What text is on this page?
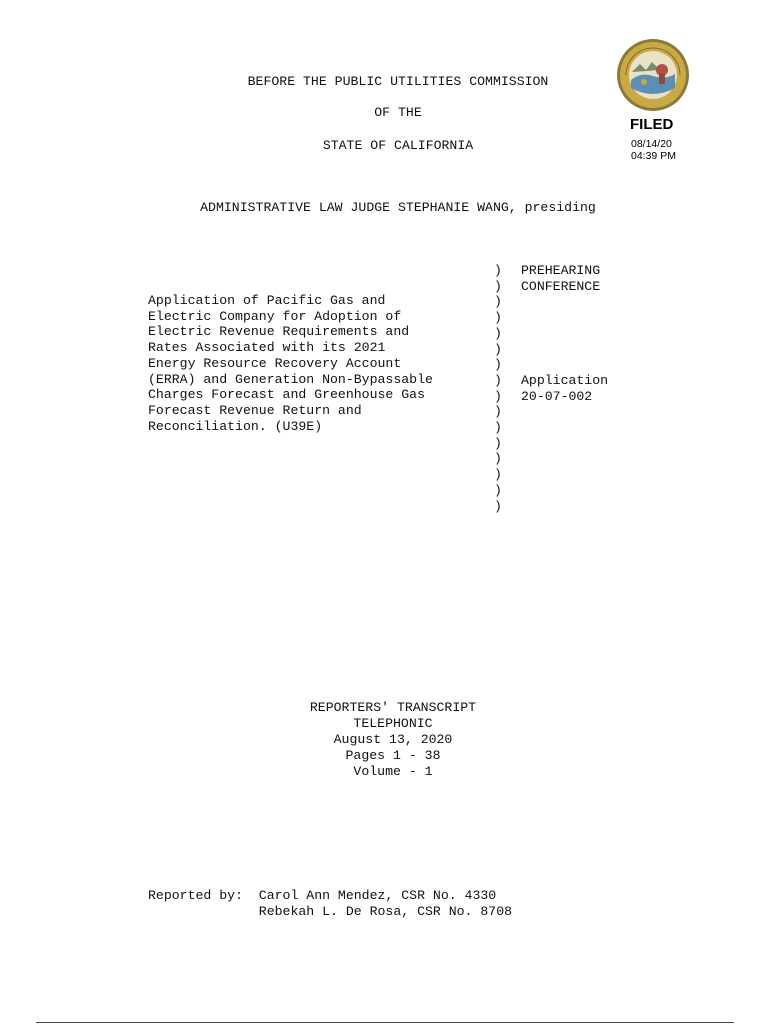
BEFORE THE PUBLIC UTILITIES COMMISSION
OF THE
STATE OF CALIFORNIA
FILED
08/14/20
04:39 PM
ADMINISTRATIVE LAW JUDGE STEPHANIE WANG, presiding
Application of Pacific Gas and
Electric Company for Adoption of
Electric Revenue Requirements and
Rates Associated with its 2021
Energy Resource Recovery Account
(ERRA) and Generation Non-Bypassable
Charges Forecast and Greenhouse Gas
Forecast Revenue Return and
Reconciliation. (U39E)
)
)
)
)
)
)
)
)
)
)
)
)
)
)
)
)
PREHEARING
CONFERENCE
Application
20-07-002
REPORTERS' TRANSCRIPT
TELEPHONIC
August 13, 2020
Pages 1 - 38
Volume - 1
Reported by: Carol Ann Mendez, CSR No. 4330
Rebekah L. De Rosa, CSR No. 8708
